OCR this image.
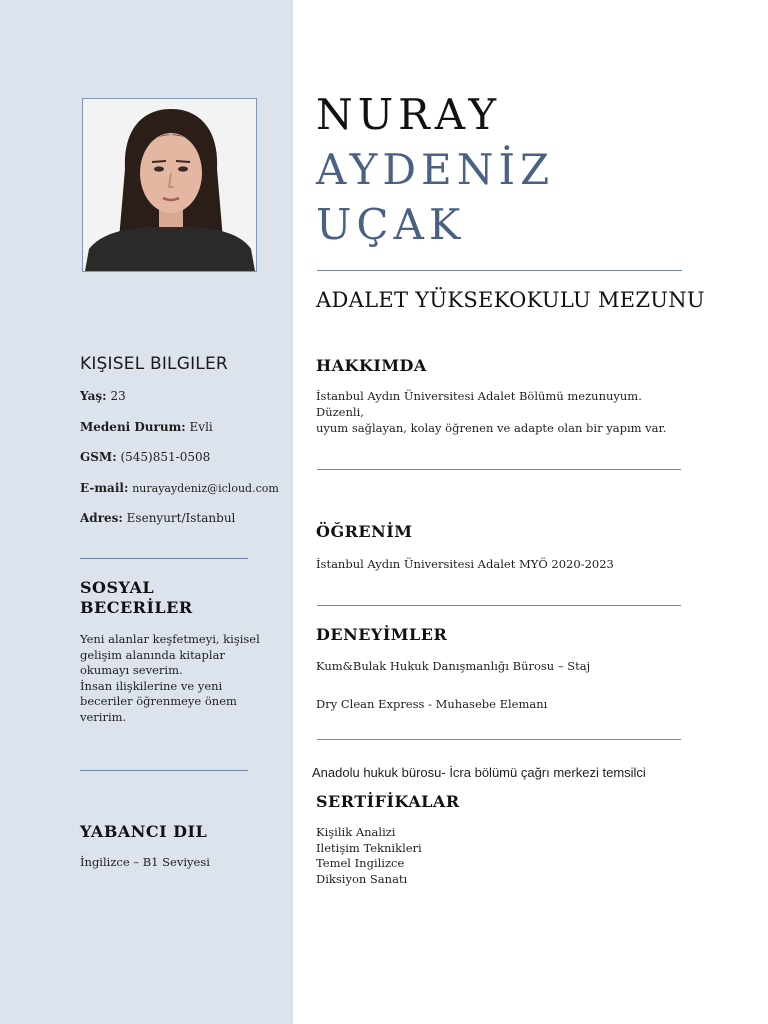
KIŞISEL BILGILER
Yaş: 23
Medeni Durum: Evli
GSM: (545)851-0508
E-mail: nurayaydeniz@icloud.com
Adres: Esenyurt/Istanbul
SOSYAL
BECERİLER
Yeni alanlar keşfetmeyi, kişisel
gelişim alanında kitaplar
okumayı severim.
İnsan ilişkilerine ve yeni
beceriler öğrenmeye önem
veririm.
YABANCI DIL
İngilizce – B1 Seviyesi
NURAY
AYDENİZ
UÇAK
ADALET YÜKSEKOKULU MEZUNU
HAKKIMDA
İstanbul Aydın Üniversitesi Adalet Bölümü mezunuyum. Düzenli,
uyum sağlayan, kolay öğrenen ve adapte olan bir yapım var.
ÖĞRENİM
İstanbul Aydın Üniversitesi Adalet MYÖ 2020-2023
DENEYİMLER
Kum&Bulak Hukuk Danışmanlığı Bürosu – Staj
Dry Clean Express - Muhasebe Elemanı
Anadolu hukuk bürosu- İcra bölümü çağrı merkezi temsilci
SERTİFİKALAR
Kişilik Analizi
Iletişim Teknikleri
Temel Ingilizce
Diksiyon Sanatı
